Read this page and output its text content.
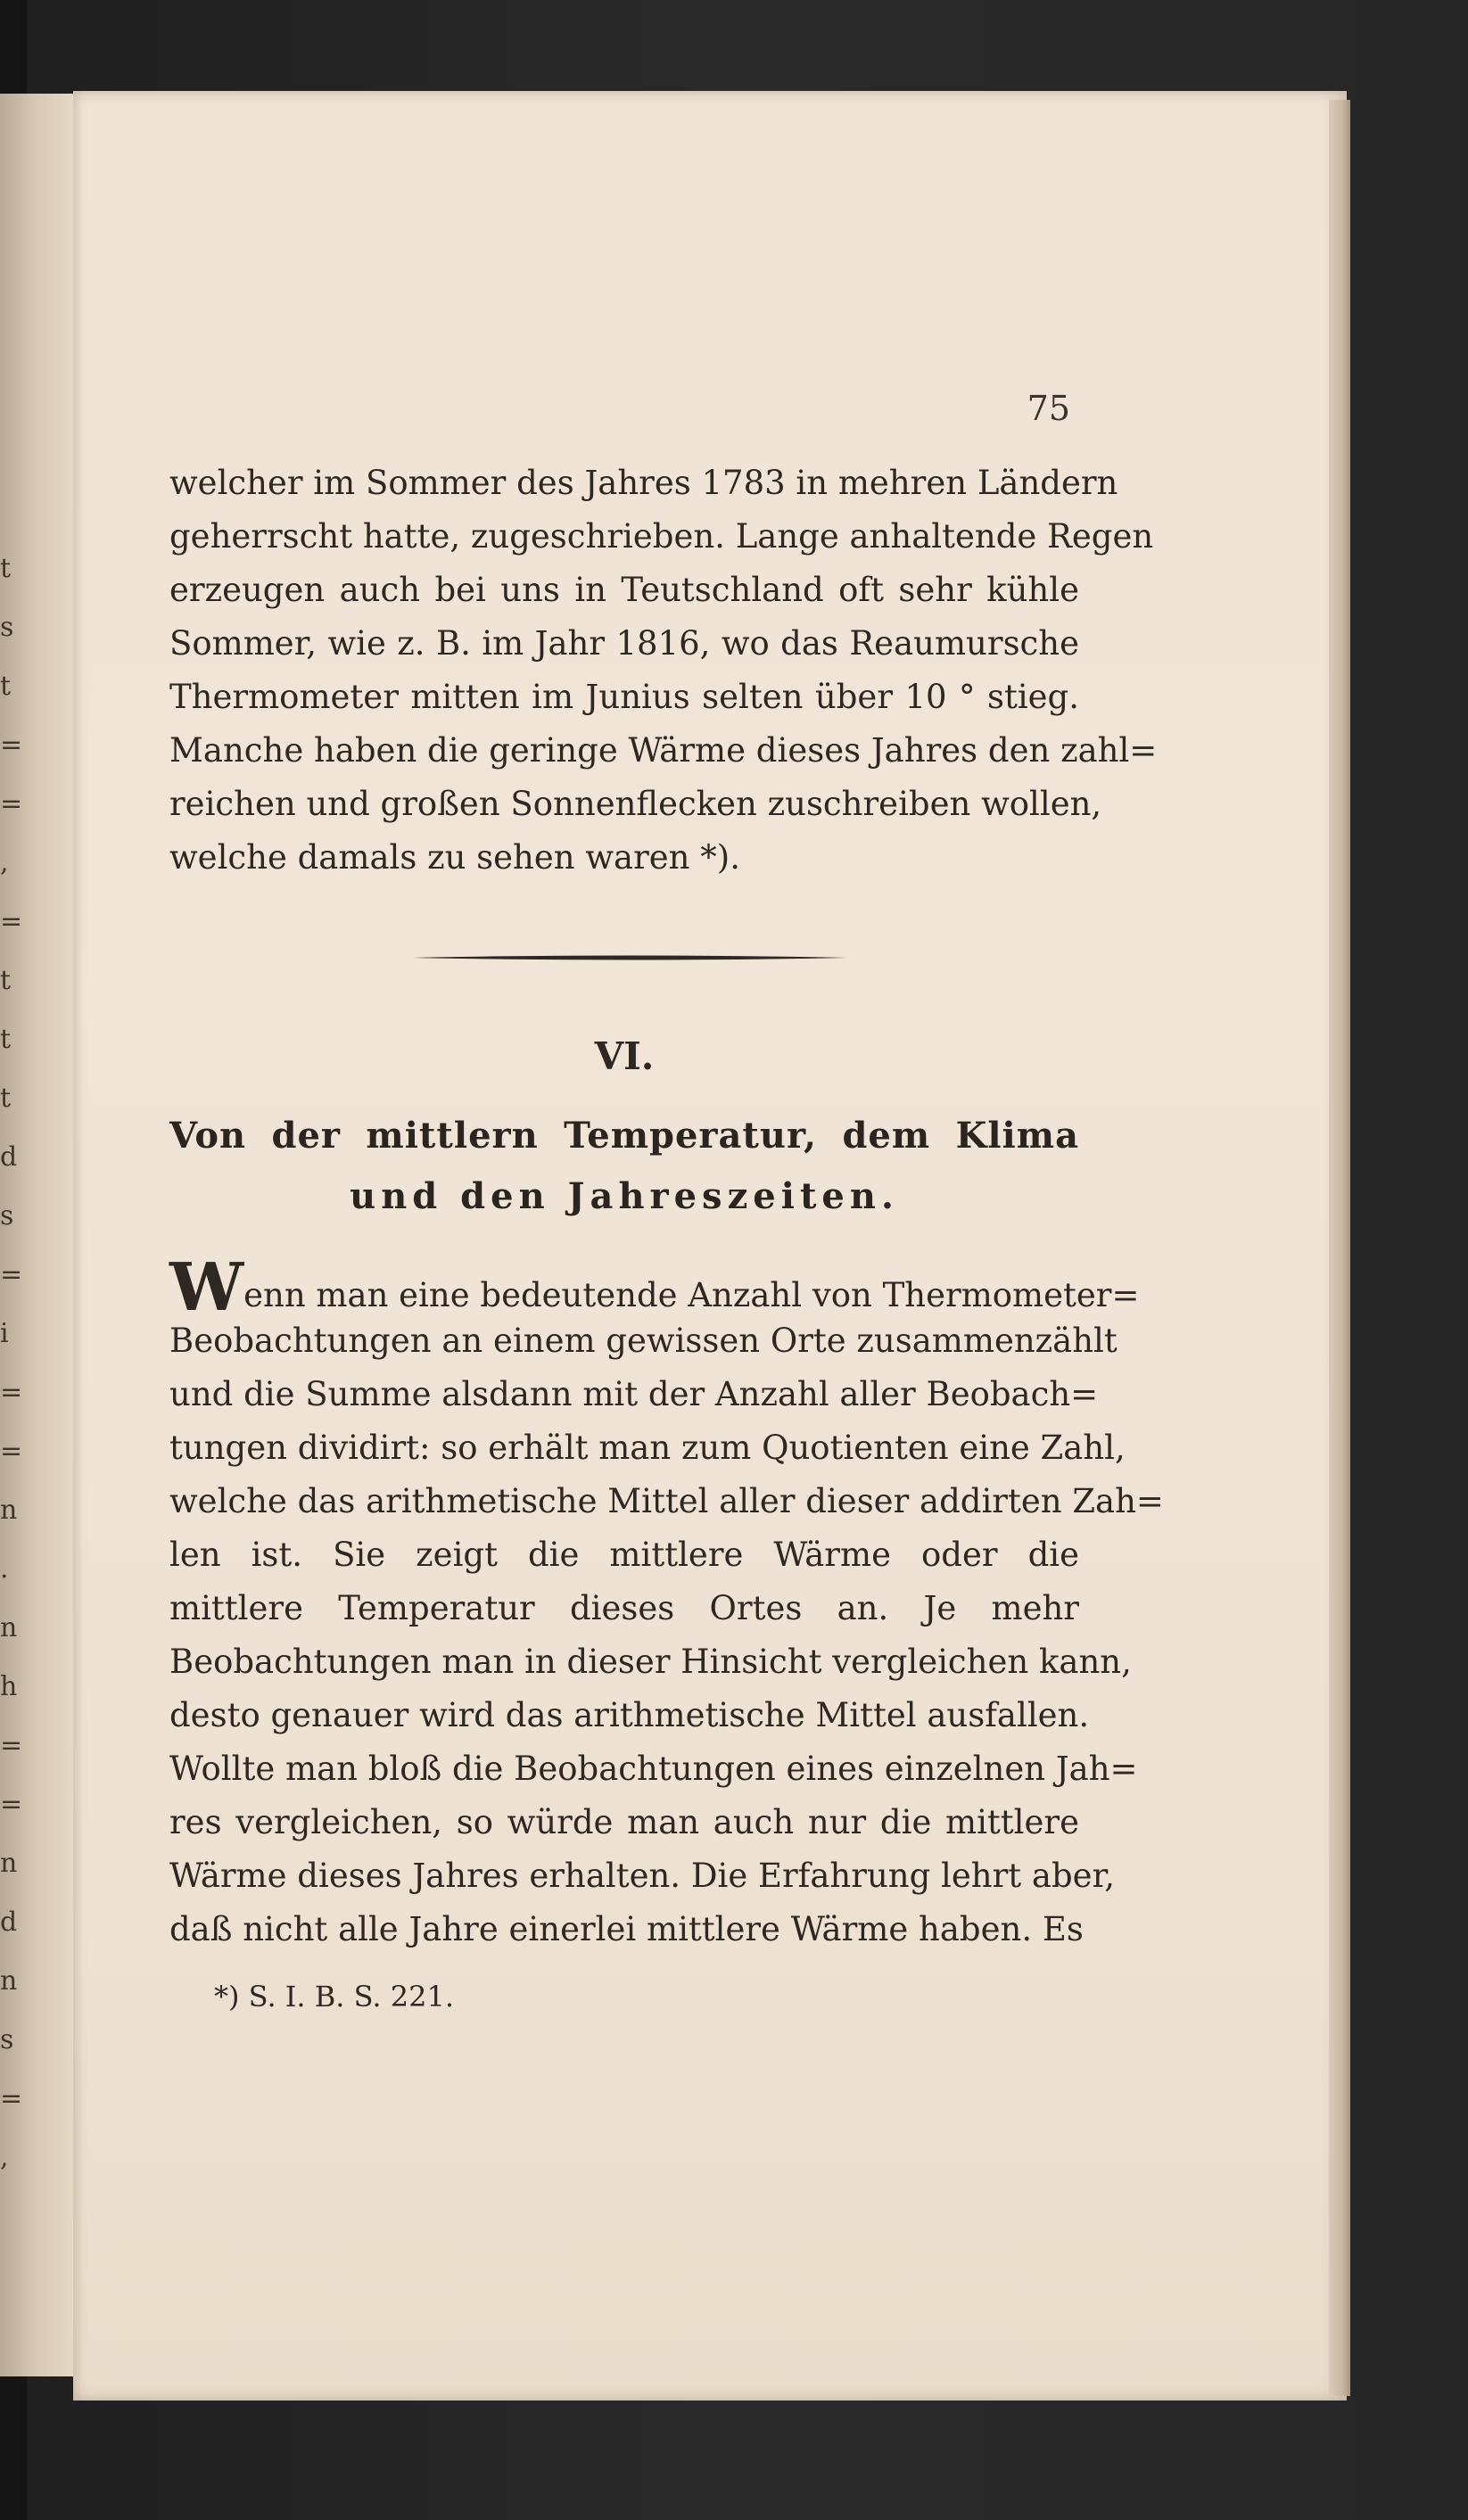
t
s
t
=
=
,
=
t
t
t
d
s
=
i
=
=
n
.
n
h
=
=
n
d
n
s
=
,
75
welcher im Sommer des Jahres 1783 in mehren Ländern
geherrscht hatte, zugeschrieben. Lange anhaltende Regen
erzeugen auch bei uns in Teutschland oft sehr kühle
Sommer, wie z. B. im Jahr 1816, wo das Reaumursche
Thermometer mitten im Junius selten über 10 ° stieg.
Manche haben die geringe Wärme dieses Jahres den zahl=
reichen und großen Sonnenflecken zuschreiben wollen,
welche damals zu sehen waren *).
VI.
Von der mittlern Temperatur, dem Klima
und den Jahreszeiten.
Wenn man eine bedeutende Anzahl von Thermometer=
Beobachtungen an einem gewissen Orte zusammenzählt
und die Summe alsdann mit der Anzahl aller Beobach=
tungen dividirt: so erhält man zum Quotienten eine Zahl,
welche das arithmetische Mittel aller dieser addirten Zah=
len ist. Sie zeigt die mittlere Wärme oder die
mittlere Temperatur dieses Ortes an. Je mehr
Beobachtungen man in dieser Hinsicht vergleichen kann,
desto genauer wird das arithmetische Mittel ausfallen.
Wollte man bloß die Beobachtungen eines einzelnen Jah=
res vergleichen, so würde man auch nur die mittlere
Wärme dieses Jahres erhalten. Die Erfahrung lehrt aber,
daß nicht alle Jahre einerlei mittlere Wärme haben. Es
*) S. I. B. S. 221.
